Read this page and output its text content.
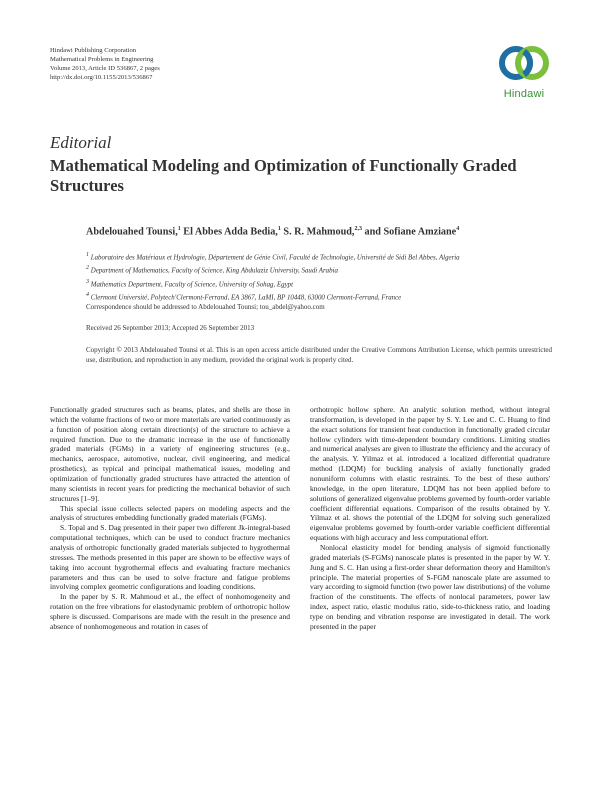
Hindawi Publishing Corporation
Mathematical Problems in Engineering
Volume 2013, Article ID 536867, 2 pages
http://dx.doi.org/10.1155/2013/536867
Hindawi
Editorial
Mathematical Modeling and Optimization of Functionally Graded Structures
Abdelouahed Tounsi,$^1$ El Abbes Adda Bedia,$^1$ S. R. Mahmoud,$^{2,3}$ and Sofiane Amziane$^4$
$^1$ Laboratoire des Matériaux et Hydrologie, Département de Génie Civil, Faculté de Technologie, Université de Sidi Bel Abbes, Algeria
$^2$ Department of Mathematics, Faculty of Science, King Abdulaziz University, Saudi Arabia
$^3$ Mathematics Department, Faculty of Science, University of Sohag, Egypt
$^4$ Clermont Université, Polytech'Clermont-Ferrand, EA 3867, LaMI, BP 10448, 63000 Clermont-Ferrand, France
Correspondence should be addressed to Abdelouahed Tounsi; tou_abdel@yahoo.com
Received 26 September 2013; Accepted 26 September 2013
Copyright © 2013 Abdelouahed Tounsi et al. This is an open access article distributed under the Creative Commons Attribution License, which permits unrestricted use, distribution, and reproduction in any medium, provided the original work is properly cited.

Functionally graded structures such as beams, plates, and shells are those in which the volume fractions of two or more materials are varied continuously as a function of position along certain direction(s) of the structure to achieve a required function. Due to the dramatic increase in the use of functionally graded materials (FGMs) in a variety of engineering structures (e.g., mechanics, aerospace, automotive, nuclear, civil engineering, and medical prosthetics), as typical and principal mathematical issues, modeling and optimization of functionally graded structures have attracted the attention of many scientists in recent years for predicting the mechanical behavior of such structures [1–9].

This special issue collects selected papers on modeling aspects and the analysis of structures embedding functionally graded materials (FGMs).

S. Topal and S. Dag presented in their paper two different Jk-integral-based computational techniques, which can be used to conduct fracture mechanics analysis of orthotropic functionally graded materials subjected to hygrothermal stresses. The methods presented in this paper are shown to be effective ways of taking into account hygrothermal effects and evaluating fracture mechanics parameters and thus can be used to solve fracture and fatigue problems involving complex geometric configurations and loading conditions.

In the paper by S. R. Mahmoud et al., the effect of nonhomogeneity and rotation on the free vibrations for elastodynamic problem of orthotropic hollow sphere is discussed. Comparisons are made with the result in the presence and absence of nonhomogeneous and rotation in cases of

orthotropic hollow sphere. An analytic solution method, without integral transformation, is developed in the paper by S. Y. Lee and C. C. Huang to find the exact solutions for transient heat conduction in functionally graded circular hollow cylinders with time-dependent boundary conditions. Limiting studies and numerical analyses are given to illustrate the efficiency and the accuracy of the analysis. Y. Yilmaz et al. introduced a localized differential quadrature method (LDQM) for buckling analysis of axially functionally graded nonuniform columns with elastic restraints. To the best of these authors' knowledge, in the open literature, LDQM has not been applied before to solutions of generalized eigenvalue problems governed by fourth-order variable coefficient differential equations. Comparison of the results obtained by Y. Yilmaz et al. shows the potential of the LDQM for solving such generalized eigenvalue problems governed by fourth-order variable coefficient differential equations with high accuracy and less computational effort.

Nonlocal elasticity model for bending analysis of sigmoid functionally graded materials (S-FGMs) nanoscale plates is presented in the paper by W. Y. Jung and S. C. Han using a first-order shear deformation theory and Hamilton's principle. The material properties of S-FGM nanoscale plate are assumed to vary according to sigmoid function (two power law distributions) of the volume fraction of the constituents. The effects of nonlocal parameters, power law index, aspect ratio, elastic modulus ratio, side-to-thickness ratio, and loading type on bending and vibration response are investigated in detail. The work presented in the paper
